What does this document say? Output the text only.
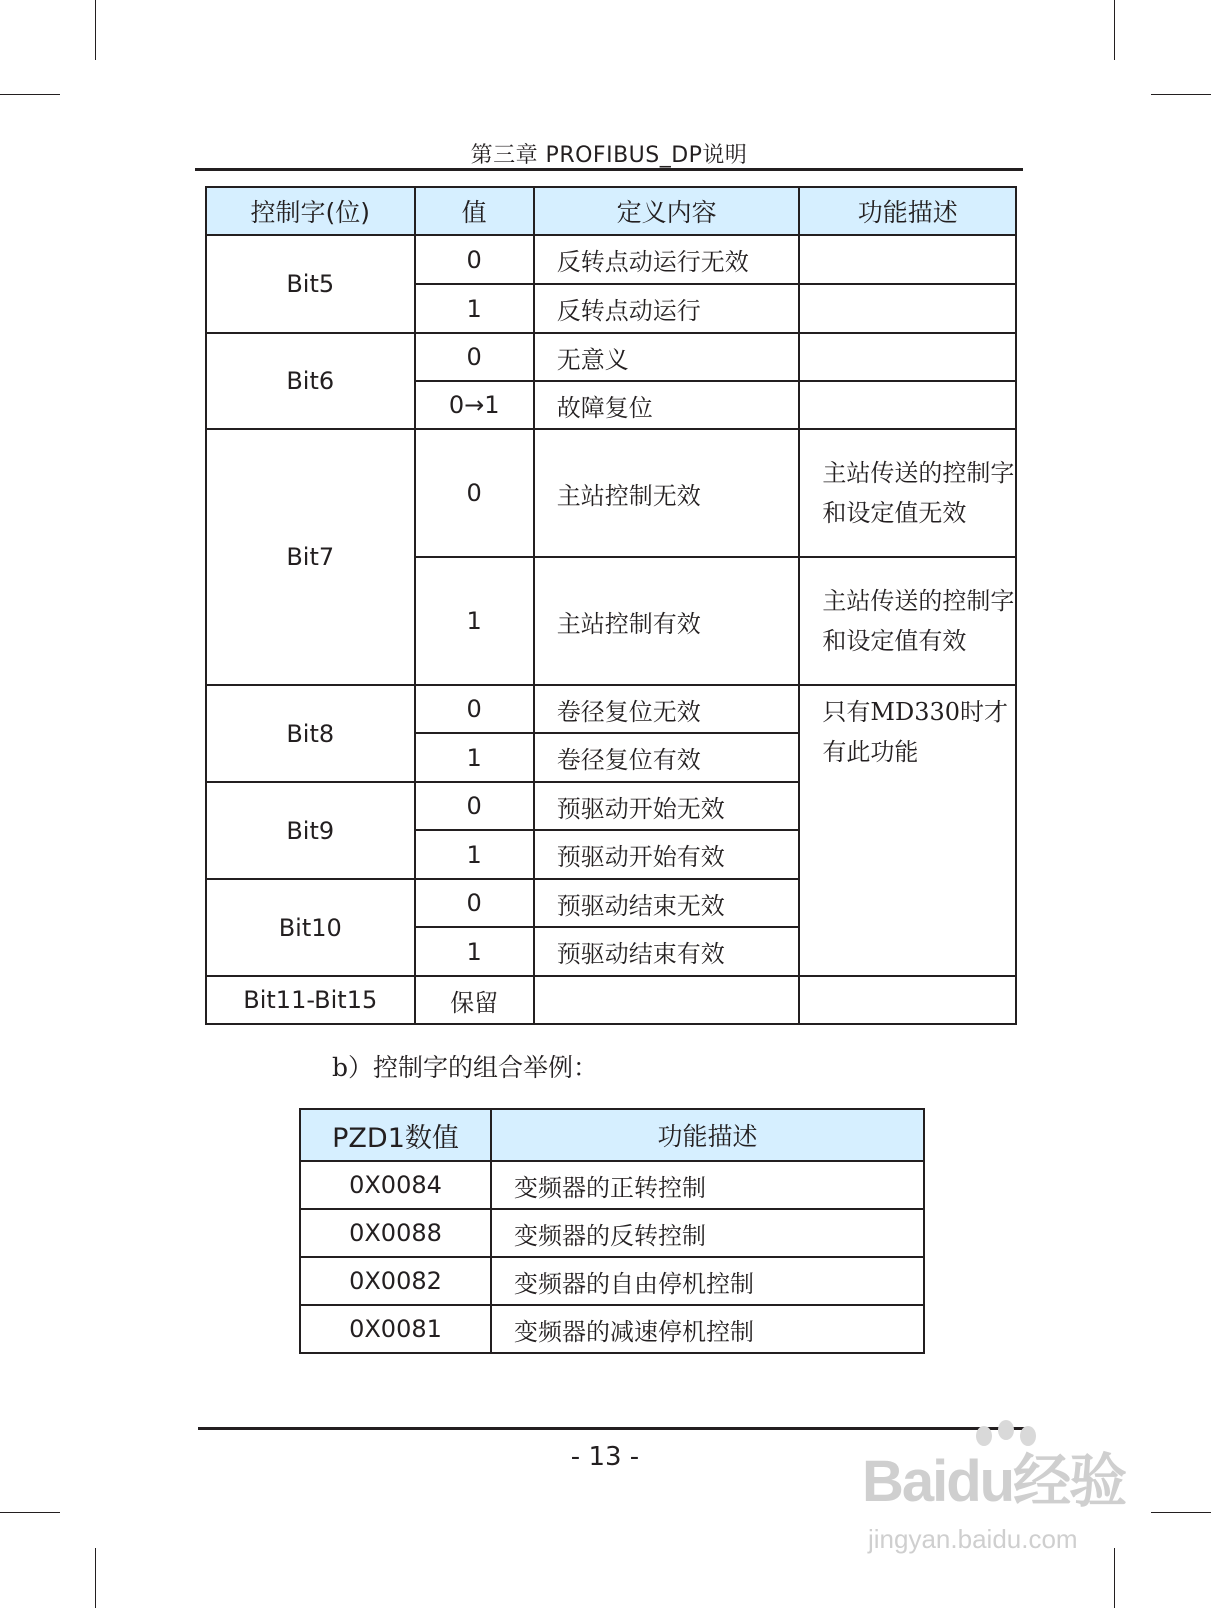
第三章 PROFIBUS_DP说明
控制字(位)	值	定义内容	功能描述
Bit5	0	反转点动运行无效	
	1	反转点动运行	
Bit6	0	无意义	
	0→1	故障复位	
Bit7	0	主站控制无效	主站传送的控制字和设定值无效
	1	主站控制有效	主站传送的控制字和设定值有效
Bit8	0	卷径复位无效	只有MD330时才有此功能
	1	卷径复位有效	
Bit9	0	预驱动开始无效	
	1	预驱动开始有效	
Bit10	0	预驱动结束无效	
	1	预驱动结束有效	
Bit11-Bit15	保留		
b）控制字的组合举例：
PZD1数值	功能描述
0X0084	变频器的正转控制
0X0088	变频器的反转控制
0X0082	变频器的自由停机控制
0X0081	变频器的减速停机控制
- 13 -	Baidu经验
jingyan.baidu.com
